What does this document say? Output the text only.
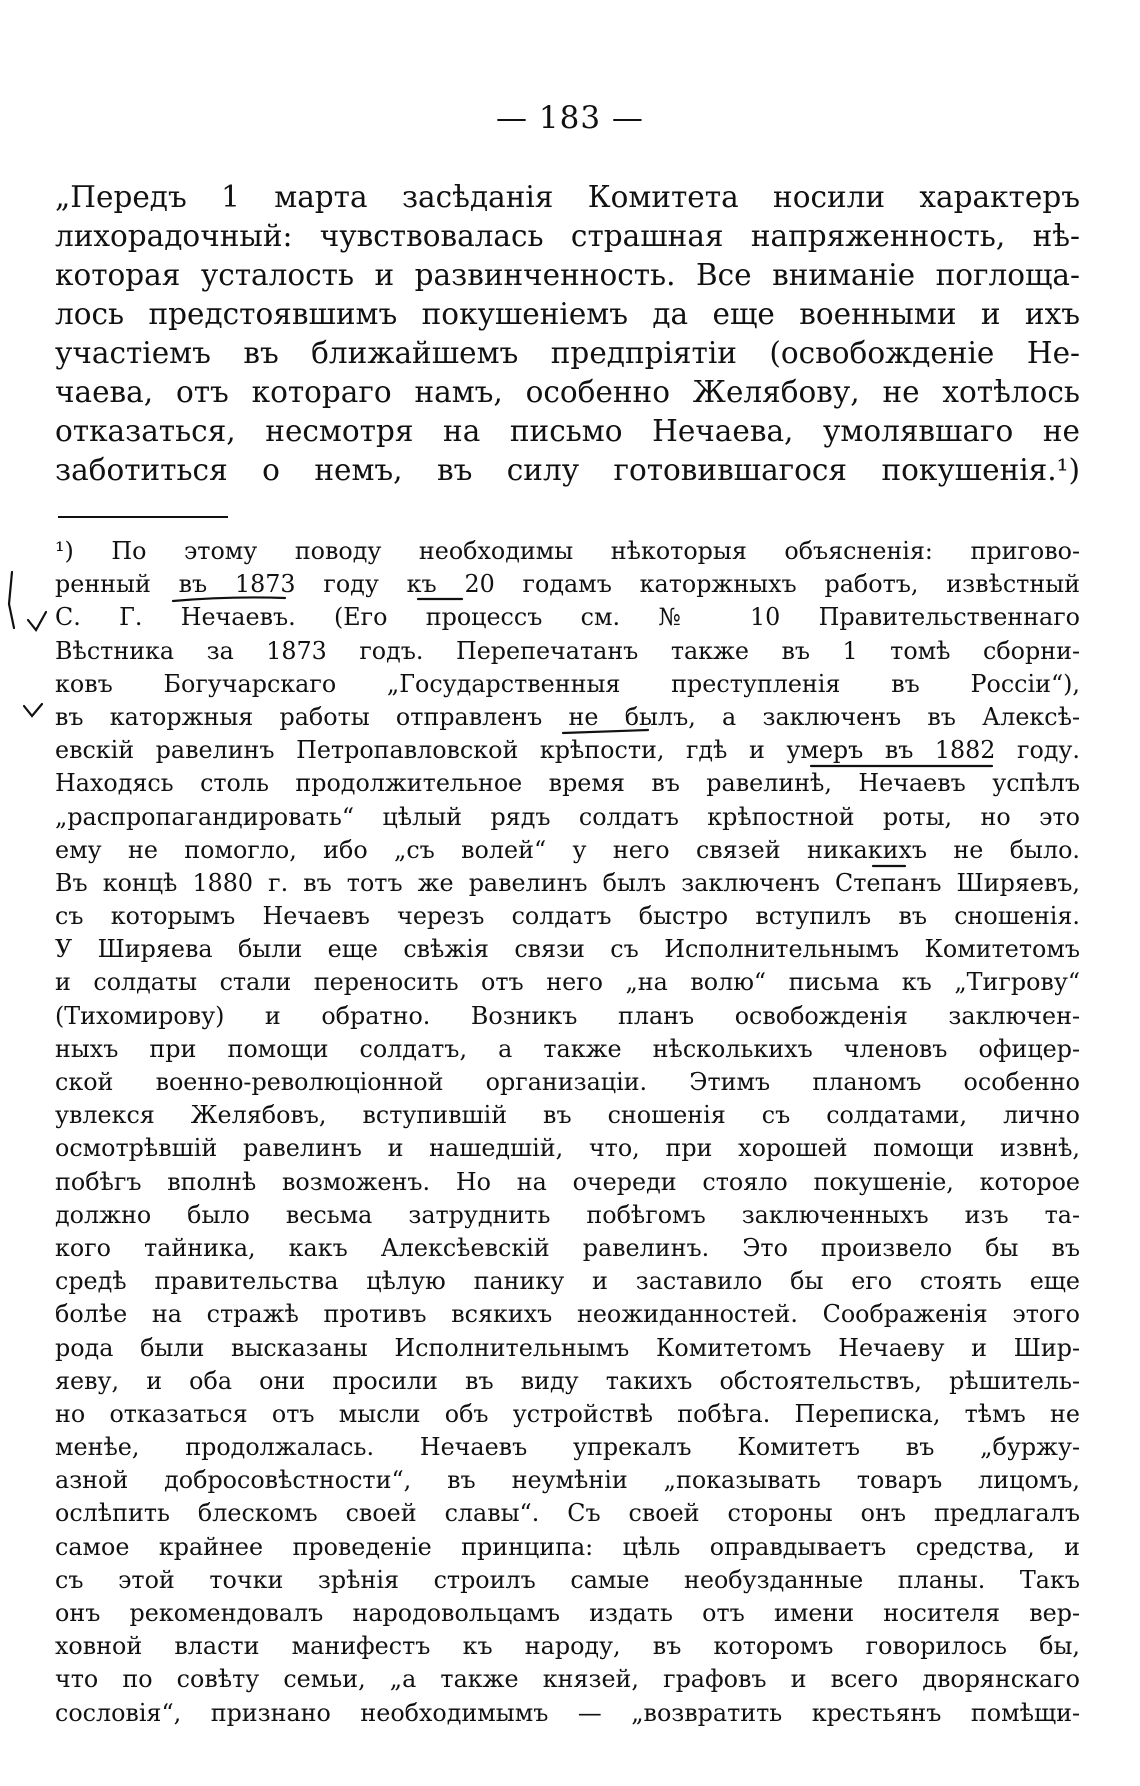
— 183 —
„Передъ 1 марта засѣданія Комитета носили характеръ
лихорадочный: чувствовалась страшная напряженность, нѣ-
которая усталость и развинченность. Все вниманіе поглоща-
лось предстоявшимъ покушеніемъ да еще военными и ихъ
участіемъ въ ближайшемъ предпріятіи (освобожденіе Не-
чаева, отъ котораго намъ, особенно Желябову, не хотѣлось
отказаться, несмотря на письмо Нечаева, умолявшаго не
заботиться о немъ, въ силу готовившагося покушенія.¹)
¹) По этому поводу необходимы нѣкоторыя объясненія: пригово-
ренный въ 1873 году къ 20 годамъ каторжныхъ работъ, извѣстный
С. Г. Нечаевъ. (Его процессъ см. № 10 Правительственнаго
Вѣстника за 1873 годъ. Перепечатанъ также въ 1 томѣ сборни-
ковъ Богучарскаго „Государственныя преступленія въ Россіи“),
въ каторжныя работы отправленъ не былъ, а заключенъ въ Алексѣ-
евскій равелинъ Петропавловской крѣпости, гдѣ и умеръ въ 1882 году.
Находясь столь продолжительное время въ равелинѣ, Нечаевъ успѣлъ
„распропагандировать“ цѣлый рядъ солдатъ крѣпостной роты, но это
ему не помогло, ибо „съ волей“ у него связей никакихъ не было.
Въ концѣ 1880 г. въ тотъ же равелинъ былъ заключенъ Степанъ Ширяевъ,
съ которымъ Нечаевъ черезъ солдатъ быстро вступилъ въ сношенія.
У Ширяева были еще свѣжія связи съ Исполнительнымъ Комитетомъ
и солдаты стали переносить отъ него „на волю“ письма къ „Тигрову“
(Тихомирову) и обратно. Возникъ планъ освобожденія заключен-
ныхъ при помощи солдатъ, а также нѣсколькихъ членовъ офицер-
ской военно-революціонной организаціи. Этимъ планомъ особенно
увлекся Желябовъ, вступившій въ сношенія съ солдатами, лично
осмотрѣвшій равелинъ и нашедшій, что, при хорошей помощи извнѣ,
побѣгъ вполнѣ возможенъ. Но на очереди стояло покушеніе, которое
должно было весьма затруднить побѣгомъ заключенныхъ изъ та-
кого тайника, какъ Алексѣевскій равелинъ. Это произвело бы въ
средѣ правительства цѣлую панику и заставило бы его стоять еще
болѣе на стражѣ противъ всякихъ неожиданностей. Соображенія этого
рода были высказаны Исполнительнымъ Комитетомъ Нечаеву и Шир-
яеву, и оба они просили въ виду такихъ обстоятельствъ, рѣшитель-
но отказаться отъ мысли объ устройствѣ побѣга. Переписка, тѣмъ не
менѣе, продолжалась. Нечаевъ упрекалъ Комитетъ въ „буржу-
азной добросовѣстности“, въ неумѣніи „показывать товаръ лицомъ,
ослѣпить блескомъ своей славы“. Съ своей стороны онъ предлагалъ
самое крайнее проведеніе принципа: цѣль оправдываетъ средства, и
съ этой точки зрѣнія строилъ самые необузданные планы. Такъ
онъ рекомендовалъ народовольцамъ издать отъ имени носителя вер-
ховной власти манифестъ къ народу, въ которомъ говорилось бы,
что по совѣту семьи, „а также князей, графовъ и всего дворянскаго
сословія“, признано необходимымъ — „возвратить крестьянъ помѣщи-
